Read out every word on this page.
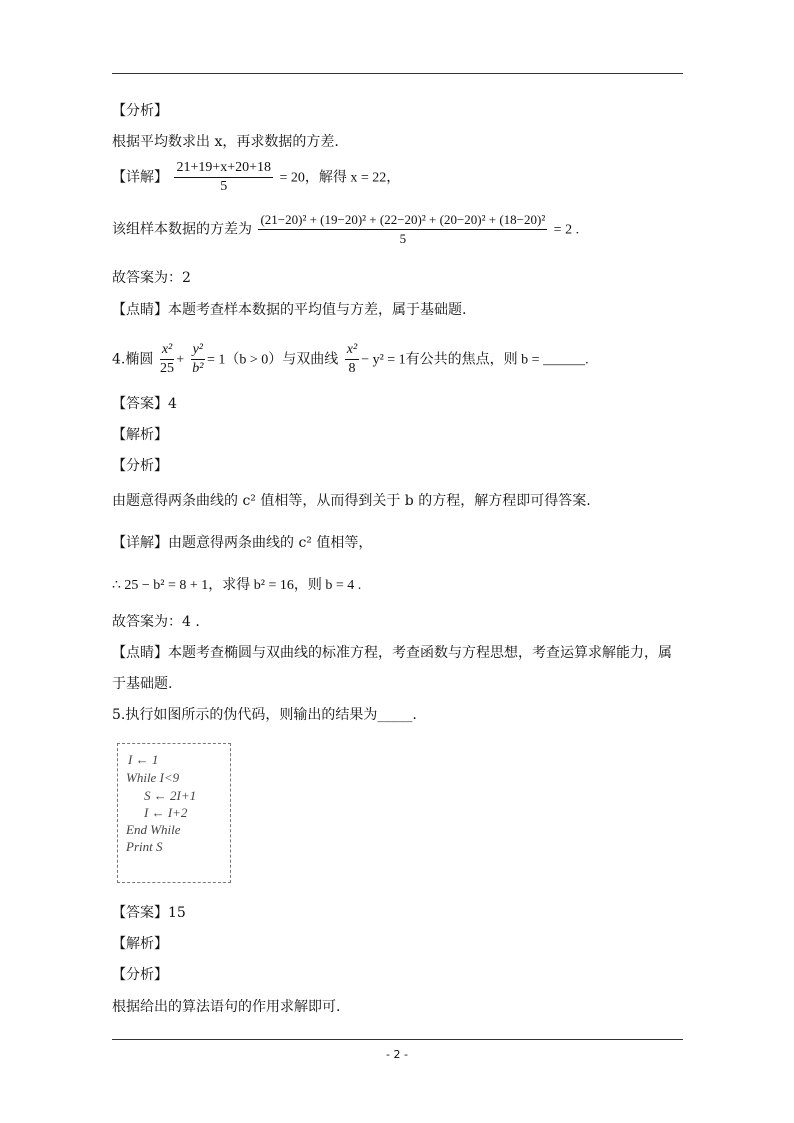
【分析】
根据平均数求出 x，再求数据的方差.
【详解】 $\frac{21+19+x+20+18}{5} = 20$，解得 x = 22，
该组样本数据的方差为 $\frac{\text{(21−20)² + (19−20)² + (22−20)² + (20−20)² + (18−20)²}}{5} = 2$ .
故答案为：2
【点睛】本题考查样本数据的平均值与方差，属于基础题.
4.椭圆 $\frac{\text{x²}}{25} + \frac{\text{y²}}{\text{b²}} = 1(b > 0)$与双曲线 $\frac{\text{x²}}{8} - y^2 = 1$有公共的焦点，则 b = ______.
【答案】4
【解析】
【分析】
由题意得两条曲线的 c² 值相等，从而得到关于 b 的方程，解方程即可得答案.
【详解】由题意得两条曲线的 c² 值相等，
∴ 25 − b² = 8 + 1，求得 b² = 16，则 b = 4 .
故答案为：4 .
【点睛】本题考查椭圆与双曲线的标准方程，考查函数与方程思想，考查运算求解能力，属
于基础题.
5.执行如图所示的伪代码，则输出的结果为_____.
I ← 1
While I<9
S ← 2I+1
I ← I+2
End While
Print S
【答案】15
【解析】
【分析】
根据给出的算法语句的作用求解即可.
- 2 -
